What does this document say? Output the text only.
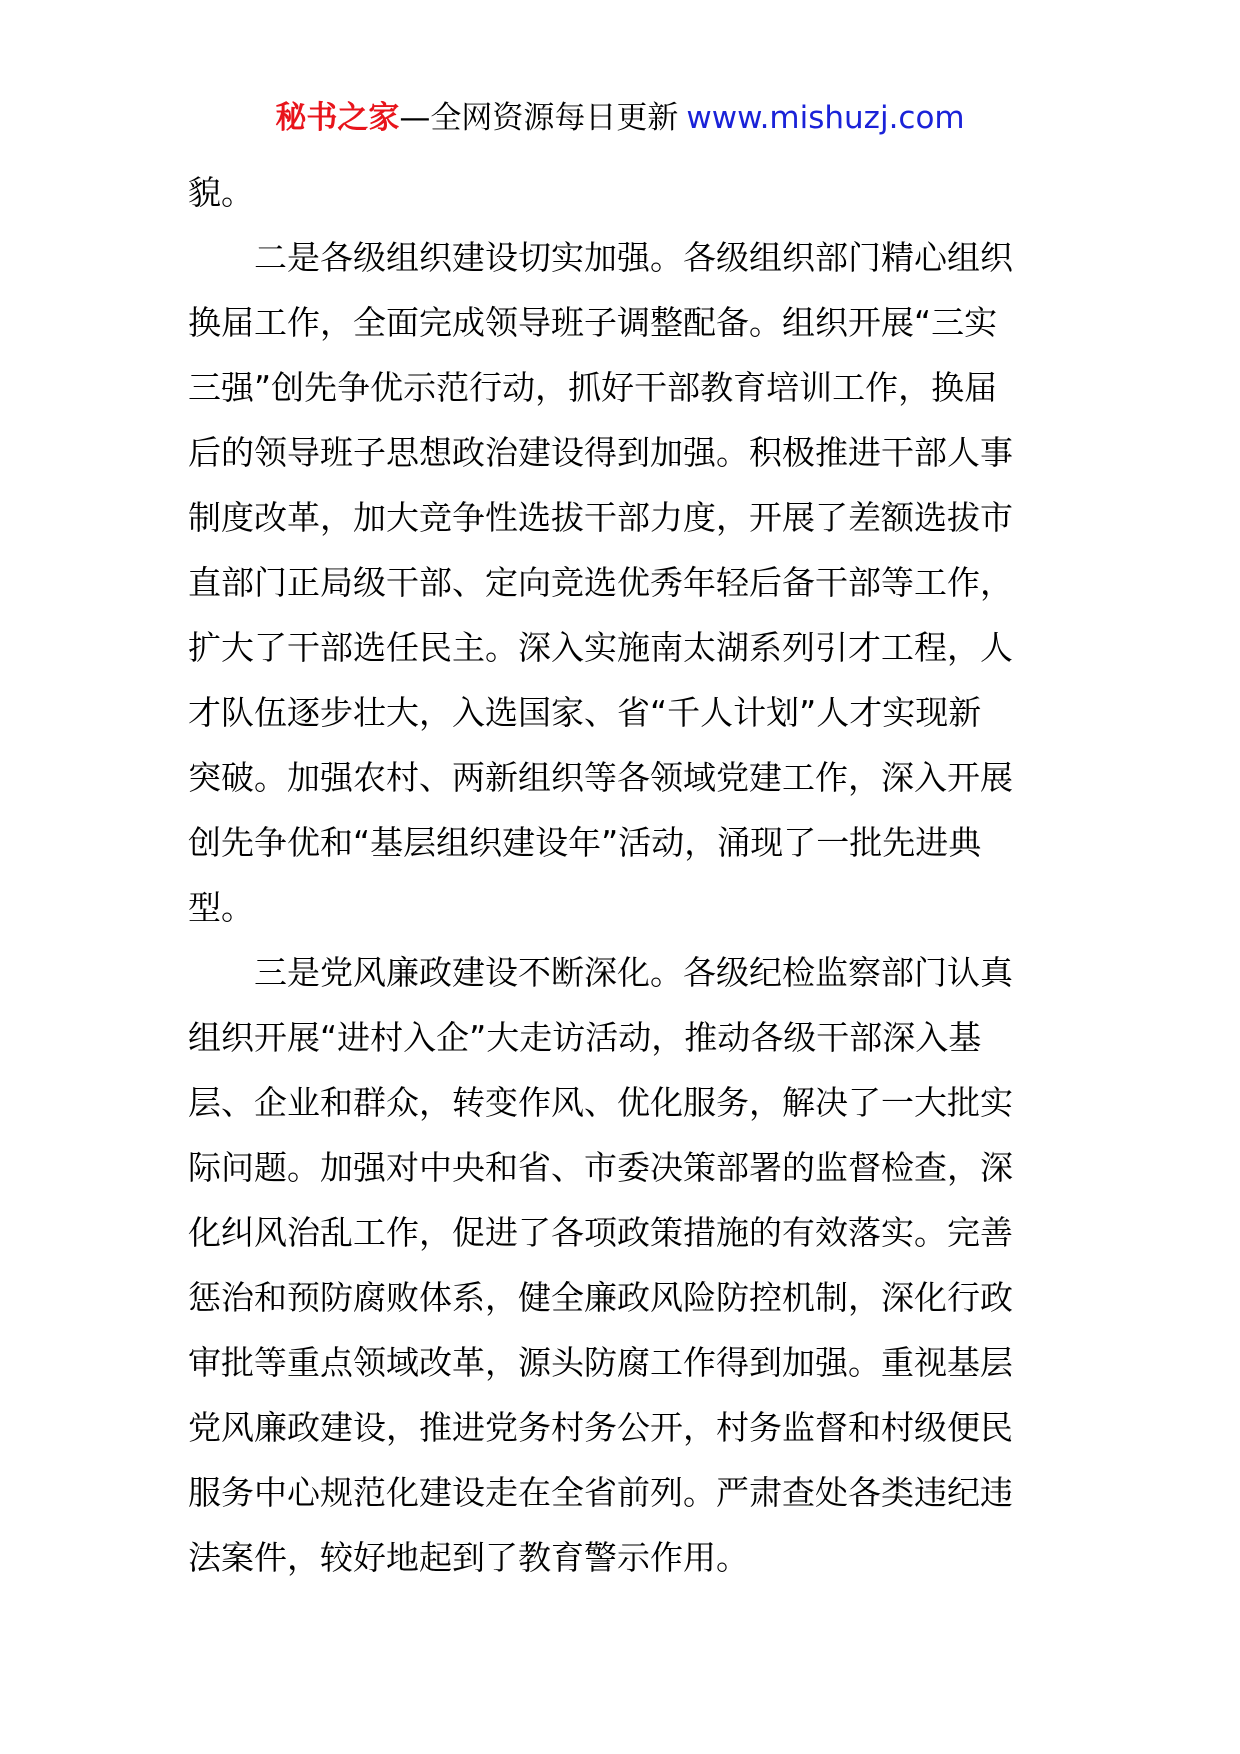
秘书之家—全网资源每日更新 www.mishuzj.com
貌。
二是各级组织建设切实加强。各级组织部门精心组织
换届工作，全面完成领导班子调整配备。组织开展“三实
三强”创先争优示范行动，抓好干部教育培训工作，换届
后的领导班子思想政治建设得到加强。积极推进干部人事
制度改革，加大竞争性选拔干部力度，开展了差额选拔市
直部门正局级干部、定向竞选优秀年轻后备干部等工作，
扩大了干部选任民主。深入实施南太湖系列引才工程，人
才队伍逐步壮大，入选国家、省“千人计划”人才实现新
突破。加强农村、两新组织等各领域党建工作，深入开展
创先争优和“基层组织建设年”活动，涌现了一批先进典
型。
三是党风廉政建设不断深化。各级纪检监察部门认真
组织开展“进村入企”大走访活动，推动各级干部深入基
层、企业和群众，转变作风、优化服务，解决了一大批实
际问题。加强对中央和省、市委决策部署的监督检查，深
化纠风治乱工作，促进了各项政策措施的有效落实。完善
惩治和预防腐败体系，健全廉政风险防控机制，深化行政
审批等重点领域改革，源头防腐工作得到加强。重视基层
党风廉政建设，推进党务村务公开，村务监督和村级便民
服务中心规范化建设走在全省前列。严肃查处各类违纪违
法案件，较好地起到了教育警示作用。
